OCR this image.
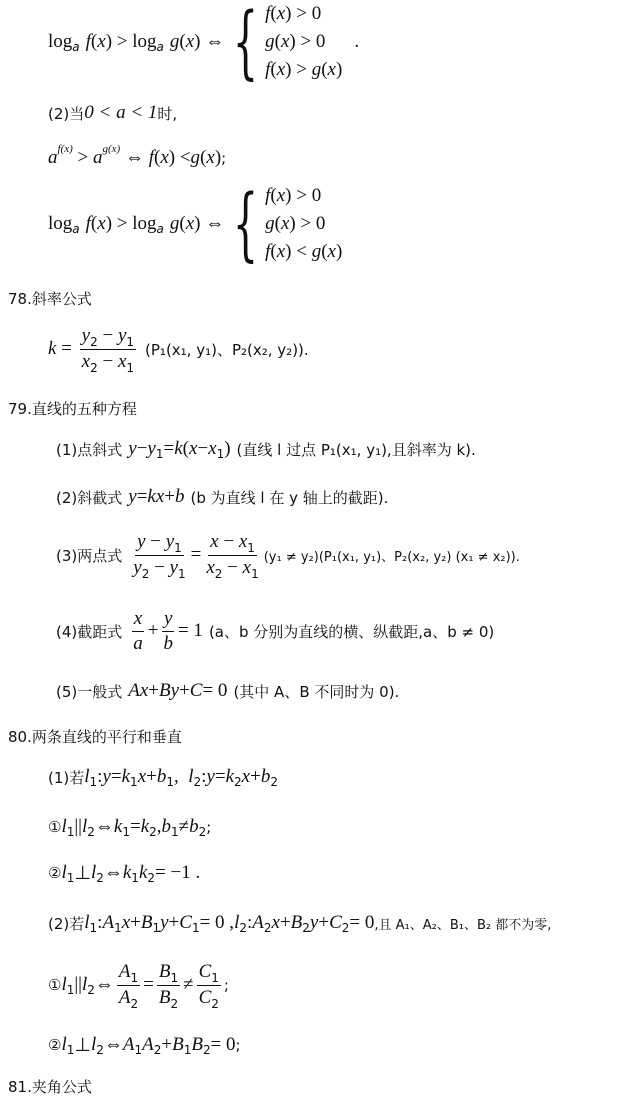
log a f ( x ) > log a g ( x ) ⇔ { f(x) > 0
g(x) > 0
f(x) > g(x)
.
(2)当 0 < a < 1 时,
a f(x) > a g(x) ⇔ f ( x ) < g ( x ) ;
log a f ( x ) > log a g ( x ) ⇔ { f(x) > 0
g(x) > 0
f(x) < g(x)
78.斜率公式
$k = \frac{y_2 - y_1}{x_2 - x_1} (P_1(x_1$, y₁)、P₂(x₂, y₂)).
79.直线的五种方程
(1)点斜式 y − y 1 = k ( x − x 1 ) (直线 l 过点 P₁(x₁, y₁),且斜率为 k).
(2)斜截式 y = kx + b (b 为直线 l 在 y 轴上的截距).
(3)两点式 $\frac{y - y_1}{y_2 - y_1} = \frac{x - x_1}{x_2 - x_1} (y_1 \ne y_2)(P_1(x_1$, y₁)、P₂(x₂, y₂) (x₁ ≠ x₂)).
(4)截距式 $\frac{x}{a} + \frac{y}{b} = 1$ (a、b 分别为直线的横、纵截距,a、b ≠ 0)
(5)一般式 Ax + By + C = 0 (其中 A、B 不同时为 0).
80.两条直线的平行和垂直
(1)若 l 1 : y = k 1 x + b 1 , l 2 : y = k 2 x + b 2
① l 1 || l 2 ⇔ k 1 = k 2 , b 1 ≠ b 2 ;
② l 1 ⊥ l 2 ⇔ k 1 k 2 = −1 .
(2)若 l 1 : A 1 x + B 1 y + C 1 = 0 , l 2 : A 2 x + B 2 y + C 2 = 0 ,且 A₁、A₂、B₁、B₂ 都不为零,
① l 1 || l 2 ⇔ $\frac{A_1}{A_2} = \frac{B_1}{B_2} \ne \frac{C_1}{C_2}$ ;
② l 1 ⊥ l 2 ⇔ A 1 A 2 + B 1 B 2 = 0 ;
81.夹角公式
